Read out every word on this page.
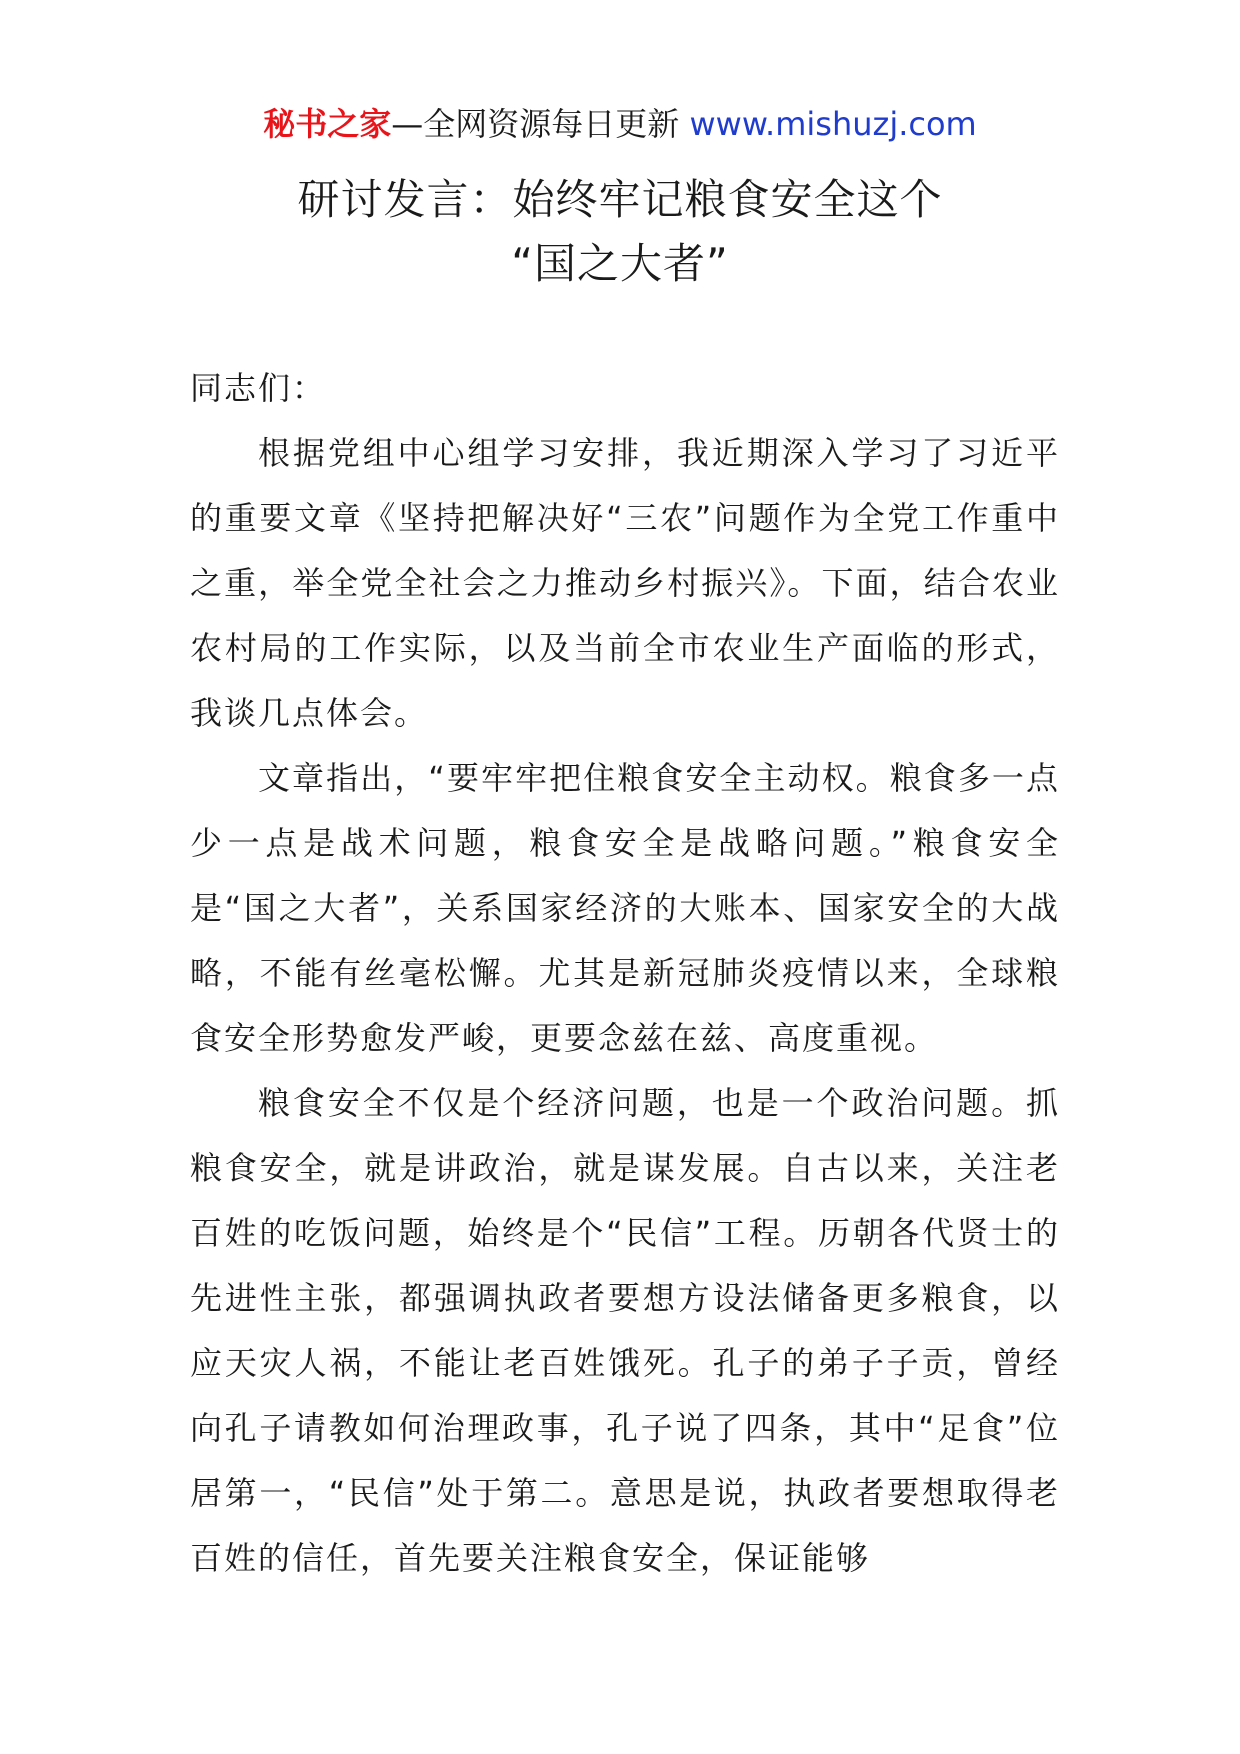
秘书之家—全网资源每日更新 www.mishuzj.com
研讨发言：始终牢记粮食安全这个
“国之大者”

同志们：

根据党组中心组学习安排，我近期深入学习了习近平的重要文章《坚持把解决好“三农”问题作为全党工作重中之重，举全党全社会之力推动乡村振兴》。下面，结合农业农村局的工作实际，以及当前全市农业生产面临的形式，我谈几点体会。

文章指出，“要牢牢把住粮食安全主动权。粮食多一点少一点是战术问题，粮食安全是战略问题。”粮食安全是“国之大者”，关系国家经济的大账本、国家安全的大战略，不能有丝毫松懈。尤其是新冠肺炎疫情以来，全球粮食安全形势愈发严峻，更要念兹在兹、高度重视。

粮食安全不仅是个经济问题，也是一个政治问题。抓粮食安全，就是讲政治，就是谋发展。自古以来，关注老百姓的吃饭问题，始终是个“民信”工程。历朝各代贤士的先进性主张，都强调执政者要想方设法储备更多粮食，以应天灾人祸，不能让老百姓饿死。孔子的弟子子贡，曾经向孔子请教如何治理政事，孔子说了四条，其中“足食”位居第一，“民信”处于第二。意思是说，执政者要想取得老百姓的信任，首先要关注粮食安全，保证能够
